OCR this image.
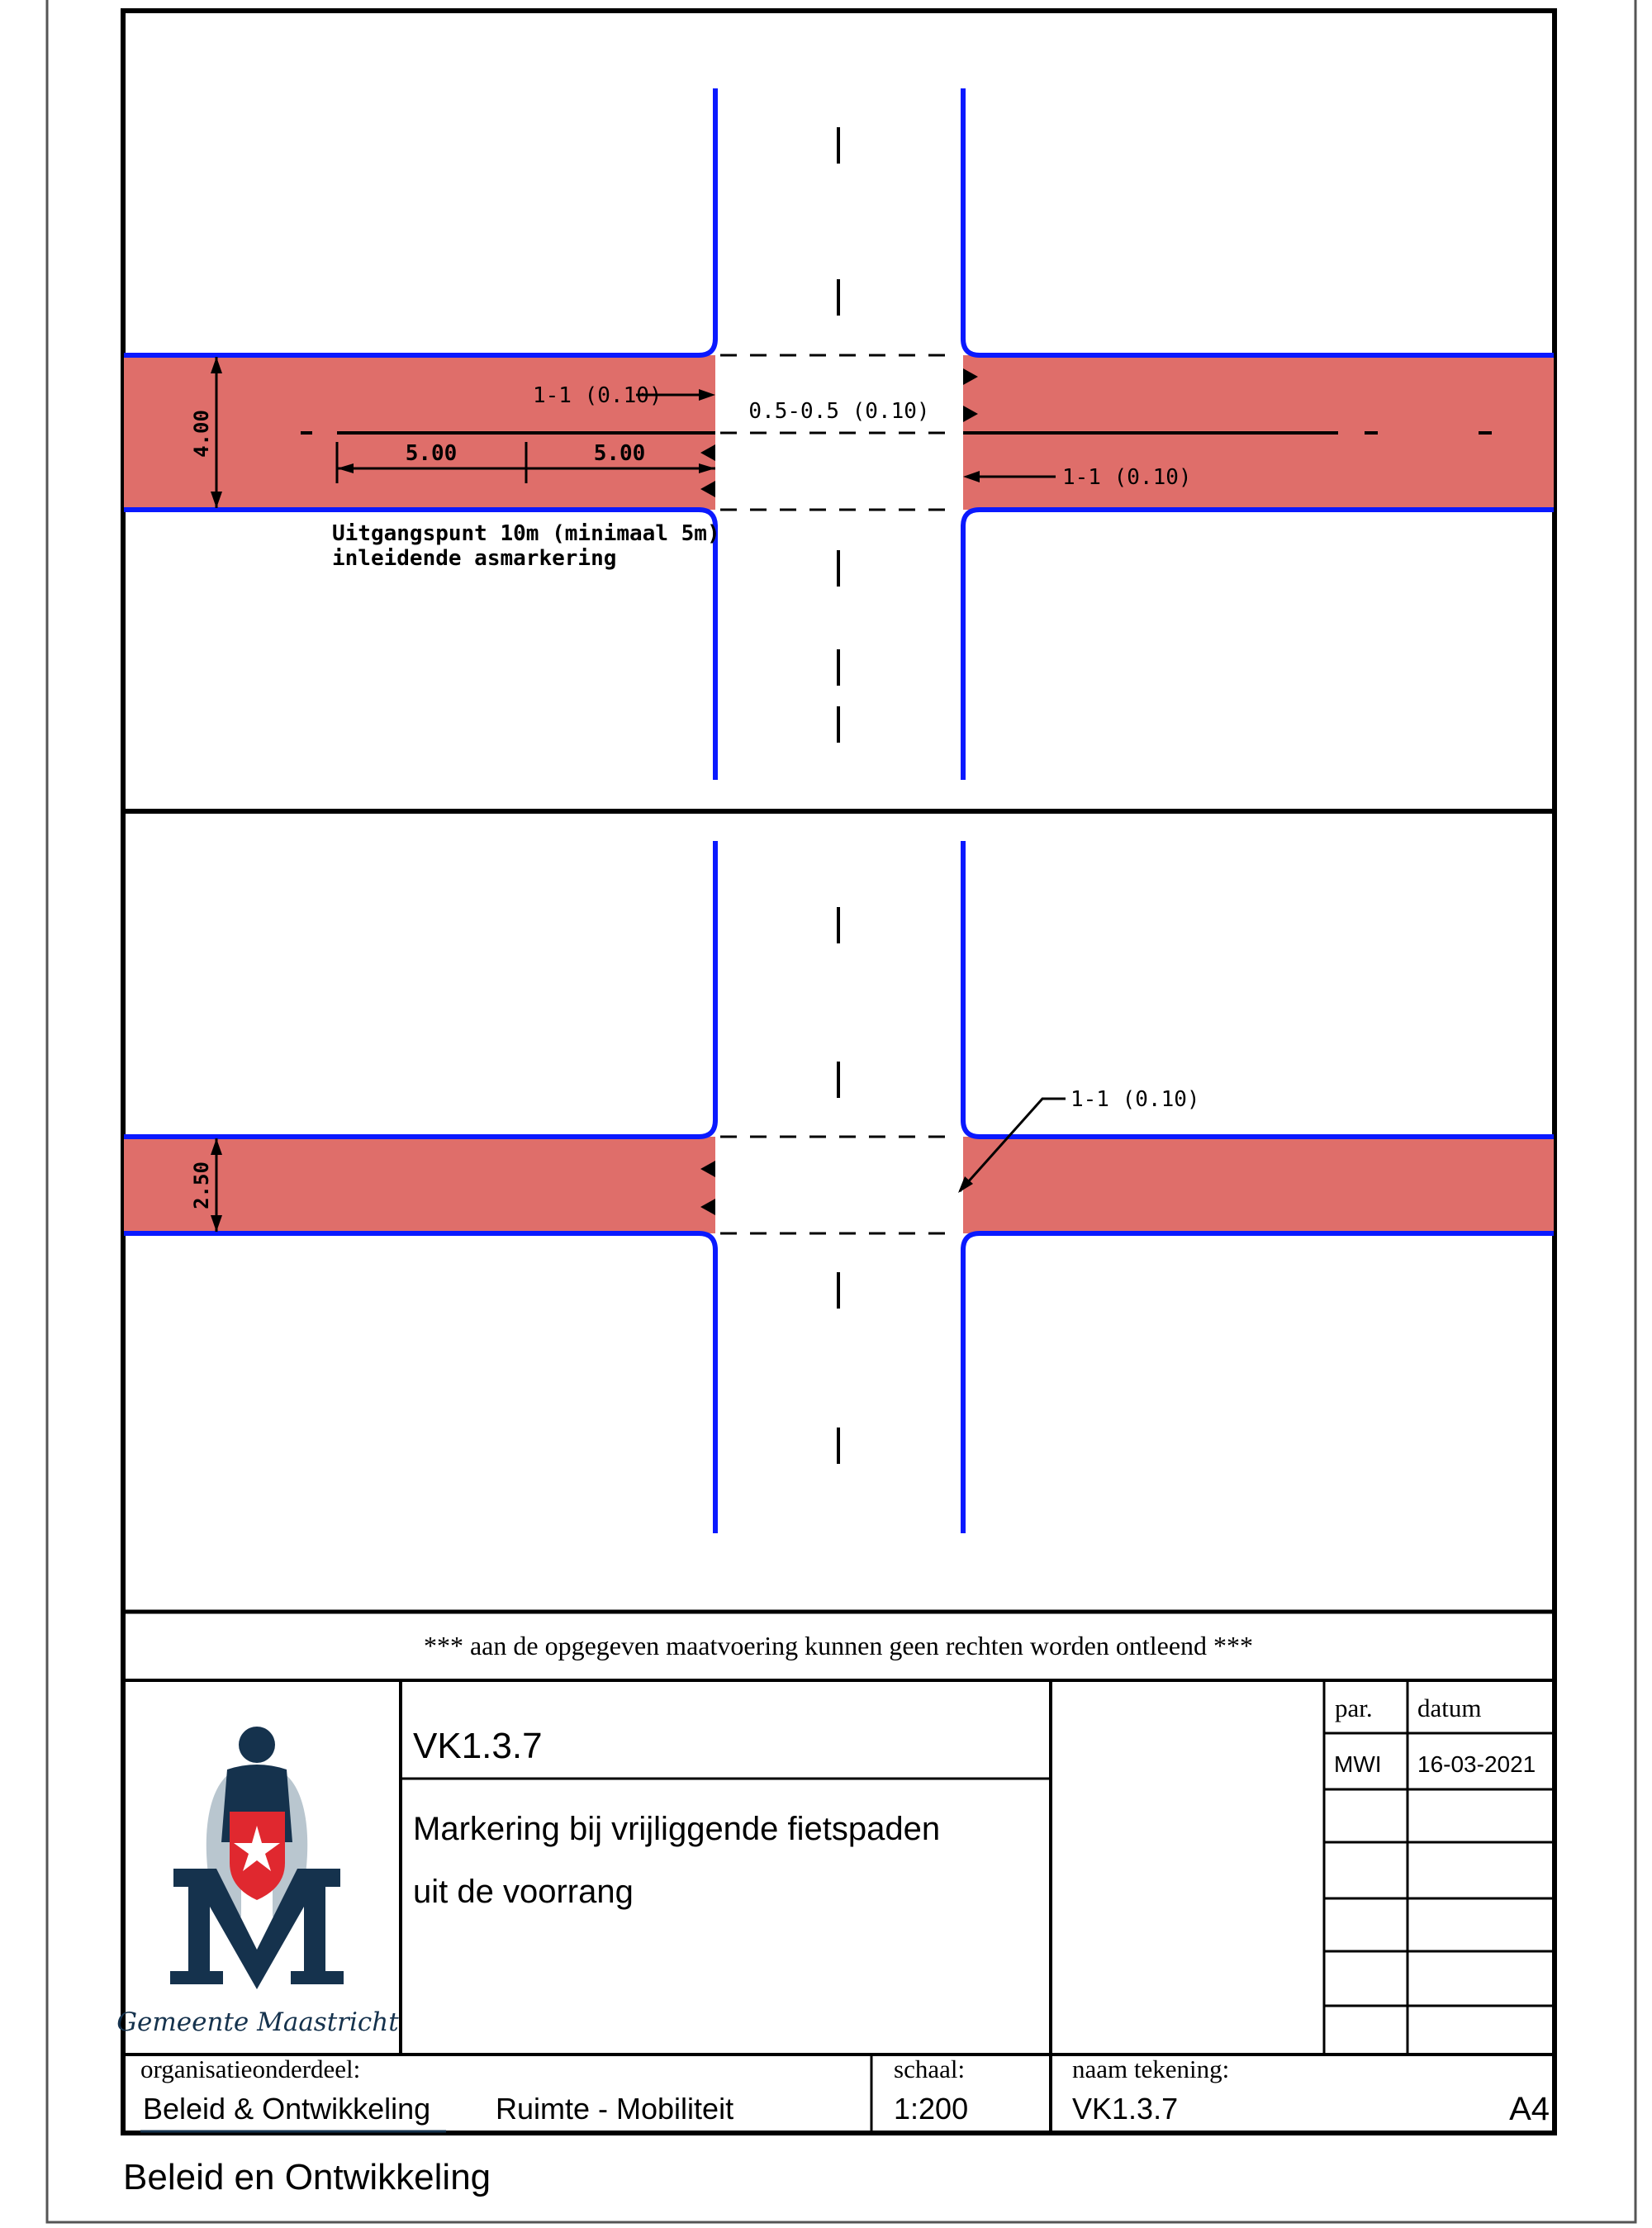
4.00	5.00	5.00
1-1 (0.10)
0.5-0.5 (0.10)
1-1 (0.10)
Uitgangspunt 10m (minimaal 5m)
inleidende asmarkering
2.50
1-1 (0.10)
*** aan de opgegeven maatvoering kunnen geen rechten worden ontleend ***
Gemeente Maastricht
VK1.3.7
Markering bij vrijliggende fietspaden
uit de voorrang
par. datum
MWI 16-03-2021
organisatieonderdeel:
Beleid & Ontwikkeling Ruimte - Mobiliteit
schaal:
1:200
naam tekening:
VK1.3.7	A4
Beleid en Ontwikkeling
